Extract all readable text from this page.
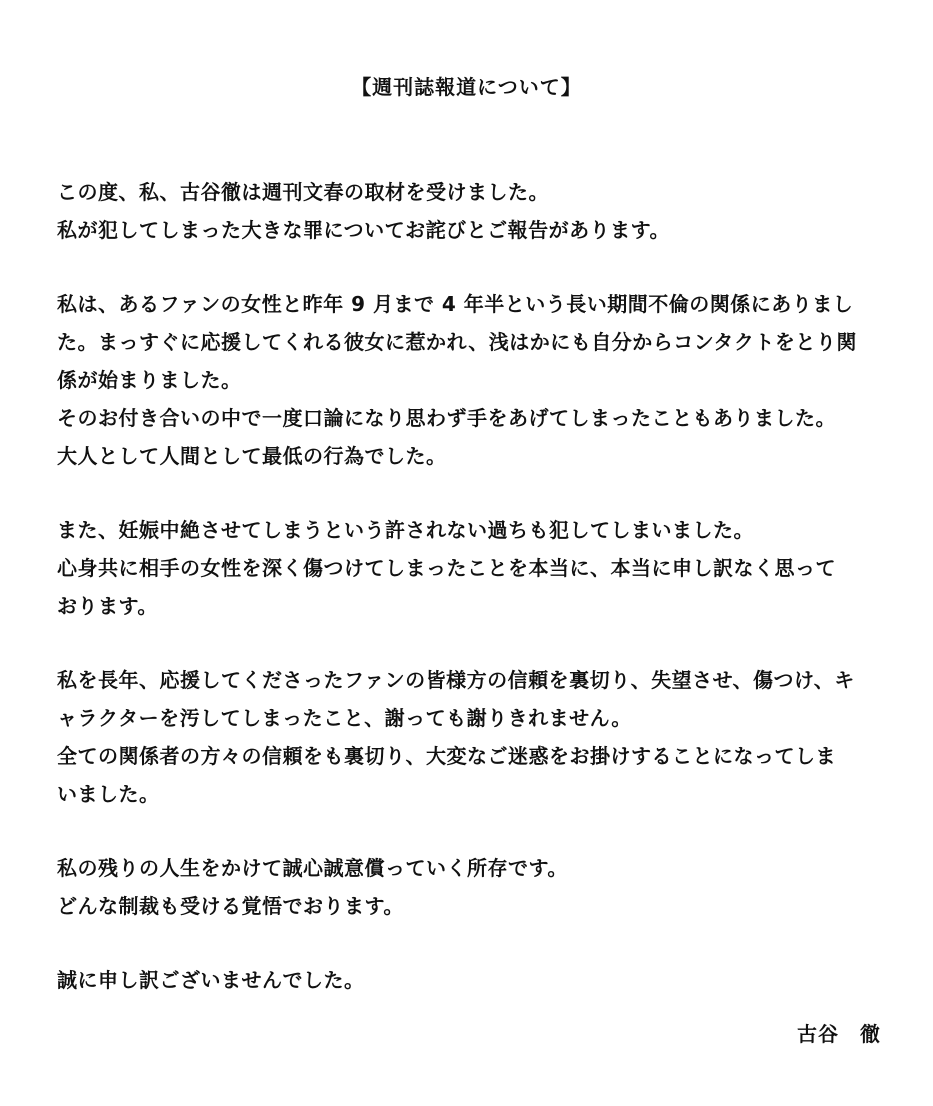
【週刊誌報道について】
この度、私、古谷徹は週刊文春の取材を受けました。
私が犯してしまった大きな罪についてお詫びとご報告があります。
私は、あるファンの女性と昨年 9 月まで 4 年半という長い期間不倫の関係にありまし
た。まっすぐに応援してくれる彼女に惹かれ、浅はかにも自分からコンタクトをとり関
係が始まりました。
そのお付き合いの中で一度口論になり思わず手をあげてしまったこともありました。
大人として人間として最低の行為でした。
また、妊娠中絶させてしまうという許されない過ちも犯してしまいました。
心身共に相手の女性を深く傷つけてしまったことを本当に、本当に申し訳なく思って
おります。
私を長年、応援してくださったファンの皆様方の信頼を裏切り、失望させ、傷つけ、キ
ャラクターを汚してしまったこと、謝っても謝りきれません。
全ての関係者の方々の信頼をも裏切り、大変なご迷惑をお掛けすることになってしま
いました。
私の残りの人生をかけて誠心誠意償っていく所存です。
どんな制裁も受ける覚悟でおります。
誠に申し訳ございませんでした。
古谷　徹
